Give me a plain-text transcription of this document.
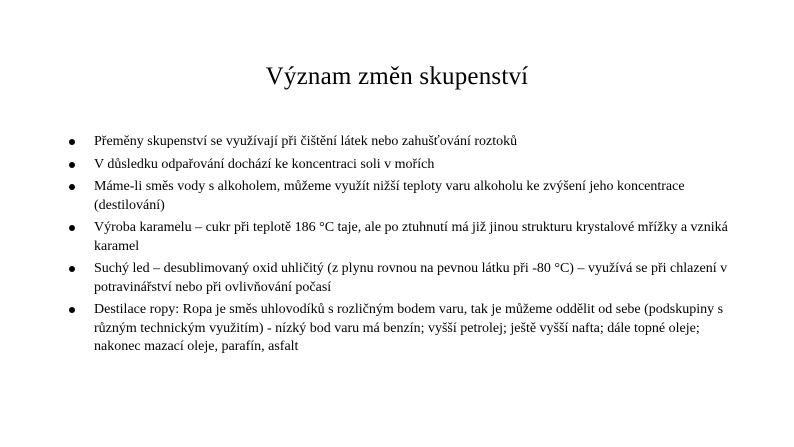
Význam změn skupenství
Přeměny skupenství se využívají při čištění látek nebo zahušťování roztoků
V důsledku odpařování dochází ke koncentraci soli v mořích
Máme-li směs vody s alkoholem, můžeme využít nižší teploty varu alkoholu ke zvýšení jeho koncentrace (destilování)
Výroba karamelu – cukr při teplotě 186 °C taje, ale po ztuhnutí má již jinou strukturu krystalové mřížky a vzniká karamel
Suchý led – desublimovaný oxid uhličitý (z plynu rovnou na pevnou látku při -80 °C) – využívá se při chlazení v potravinářství nebo při ovlivňování počasí
Destilace ropy: Ropa je směs uhlovodíků s rozličným bodem varu, tak je můžeme oddělit od sebe (podskupiny s různým technickým využitím) - nízký bod varu má benzín; vyšší petrolej; ještě vyšší nafta; dále topné oleje; nakonec mazací oleje, parafín, asfalt
